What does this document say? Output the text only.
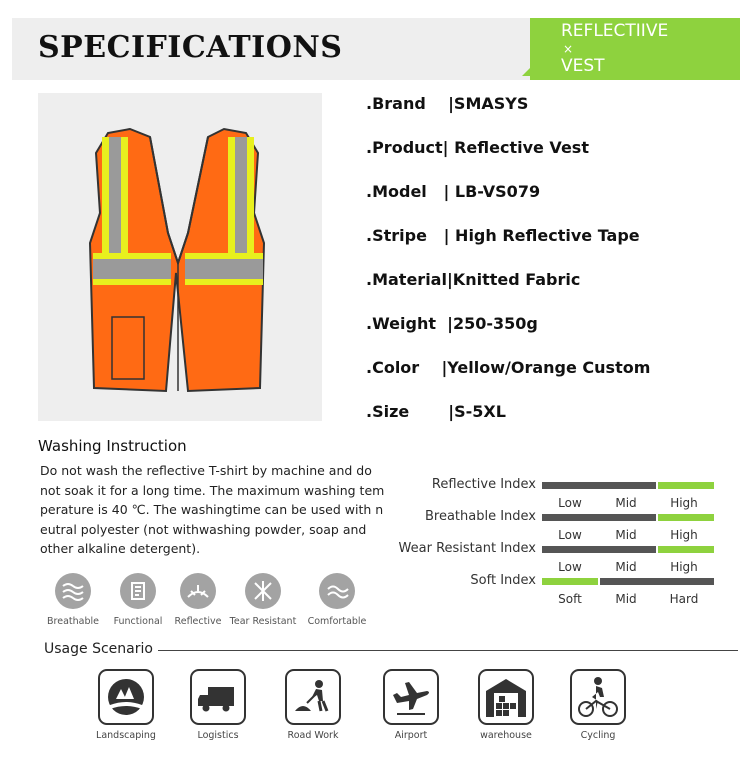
SPECIFICATIONS	REFLECTIIVE
×
VEST
.Brand    |SMASYS
.Product| Reflective Vest
.Model   | LB-VS079
.Stripe   | High Reflective Tape
.Material|Knitted Fabric
.Weight  |250-350g
.Color    |Yellow/Orange Custom
.Size       |S-5XL
Washing Instruction
Do not wash the reflective T-shirt by machine and do
not soak it for a long time. The maximum washing tem
perature is 40 ℃. The washingtime can be used with n
eutral polyester (not withwashing powder, soap and
other alkaline detergent).
Breathable	Functional	Reflective Tear Resistant	Comfortable
Reflective Index
Low	Mid	High
Breathable Index
Low	Mid	High
Wear Resistant Index
Low	Mid	High
Soft Index
Soft	Mid	Hard
Usage Scenario
Landscaping	Logistics	Road Work	Airport	warehouse	Cycling
